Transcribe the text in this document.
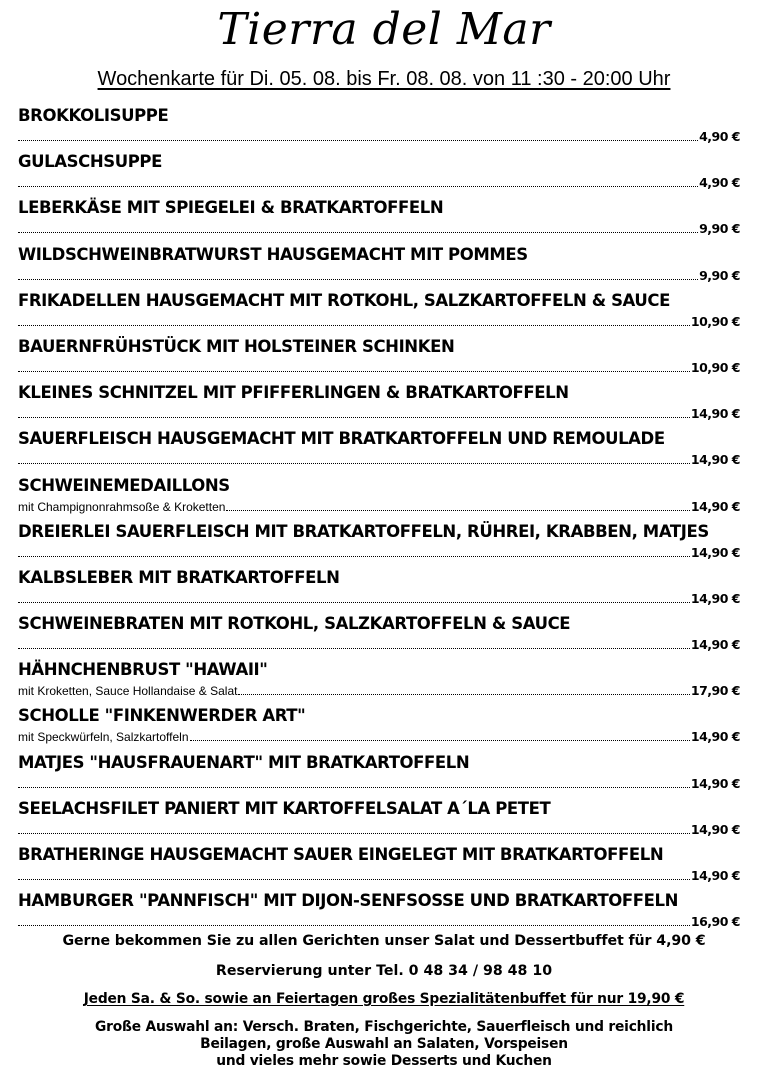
Tierra del Mar
Wochenkarte für Di. 05. 08. bis Fr. 08. 08. von 11 :30 - 20:00 Uhr
BROKKOLISUPPE
4,90 €
GULASCHSUPPE
4,90 €
LEBERKÄSE MIT SPIEGELEI & BRATKARTOFFELN
9,90 €
WILDSCHWEINBRATWURST HAUSGEMACHT MIT POMMES
9,90 €
FRIKADELLEN HAUSGEMACHT MIT ROTKOHL, SALZKARTOFFELN & SAUCE
10,90 €
BAUERNFRÜHSTÜCK MIT HOLSTEINER SCHINKEN
10,90 €
KLEINES SCHNITZEL MIT PFIFFERLINGEN & BRATKARTOFFELN
14,90 €
SAUERFLEISCH HAUSGEMACHT MIT BRATKARTOFFELN UND REMOULADE
14,90 €
SCHWEINEMEDAILLONS
mit Champignonrahmsoße & Kroketten	14,90 €
DREIERLEI SAUERFLEISCH MIT BRATKARTOFFELN, RÜHREI, KRABBEN, MATJES
14,90 €
KALBSLEBER MIT BRATKARTOFFELN
14,90 €
SCHWEINEBRATEN MIT ROTKOHL, SALZKARTOFFELN & SAUCE
14,90 €
HÄHNCHENBRUST "HAWAII"
mit Kroketten, Sauce Hollandaise & Salat	17,90 €
SCHOLLE "FINKENWERDER ART"
mit Speckwürfeln, Salzkartoffeln	14,90 €
MATJES "HAUSFRAUENART" MIT BRATKARTOFFELN
14,90 €
SEELACHSFILET PANIERT MIT KARTOFFELSALAT A´LA PETET
14,90 €
BRATHERINGE HAUSGEMACHT SAUER EINGELEGT MIT BRATKARTOFFELN
14,90 €
HAMBURGER "PANNFISCH" MIT DIJON-SENFSOSSE UND BRATKARTOFFELN
16,90 €
Gerne bekommen Sie zu allen Gerichten unser Salat und Dessertbuffet für 4,90 €
Reservierung unter Tel. 0 48 34 / 98 48 10
Jeden Sa. & So. sowie an Feiertagen großes Spezialitätenbuffet für nur 19,90 €
Große Auswahl an: Versch. Braten, Fischgerichte, Sauerfleisch und reichlich
Beilagen, große Auswahl an Salaten, Vorspeisen
und vieles mehr sowie Desserts und Kuchen
